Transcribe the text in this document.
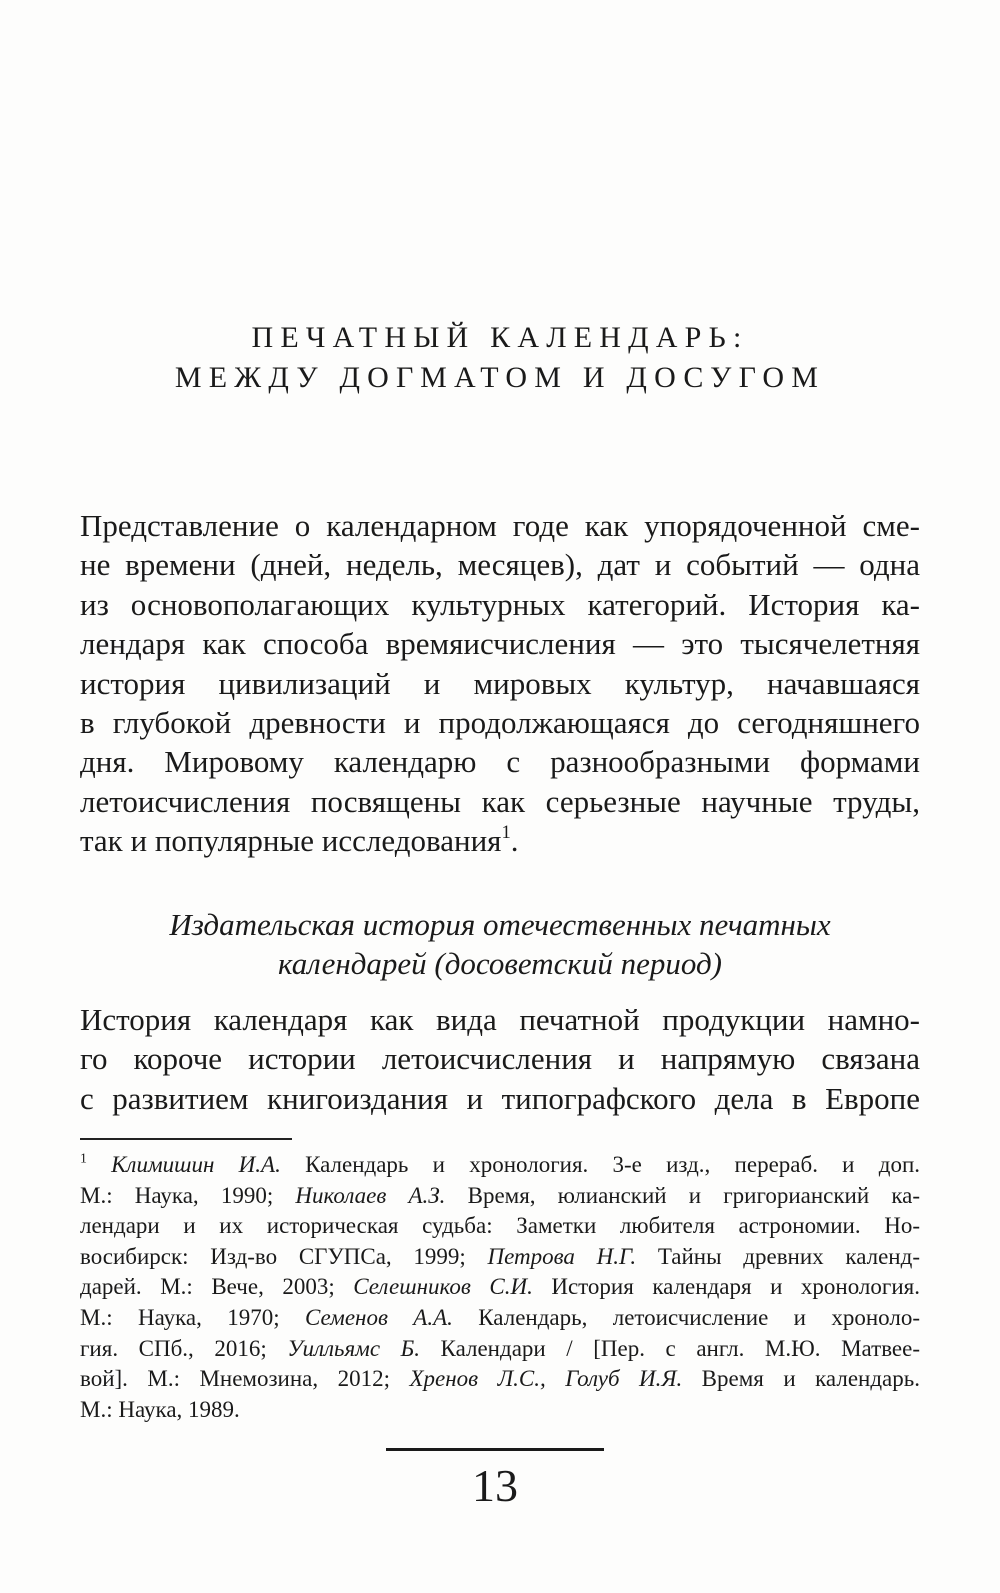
ПЕЧАТНЫЙ КАЛЕНДАРЬ:
МЕЖДУ ДОГМАТОМ И ДОСУГОМ

Представление о календарном годе как упорядоченной сме-
не времени (дней, недель, месяцев), дат и событий — одна
из основополагающих культурных категорий. История ка-
лендаря как способа времяисчисления — это тысячелетняя
история цивилизаций и мировых культур, начавшаяся
в глубокой древности и продолжающаяся до сегодняшнего
дня. Мировому календарю с разнообразными формами
летоисчисления посвящены как серьезные научные труды,
так и популярные исследования$^1$.

Издательская история отечественных печатных
календарей (досоветский период)

История календаря как вида печатной продукции намно-
го короче истории летоисчисления и напрямую связана
с развитием книгоиздания и типографского дела в Европе

$^1$ Климишин И.А. Календарь и хронология. 3-е изд., перераб. и доп.
М.: Наука, 1990; Николаев А.З. Время, юлианский и григорианский ка-
лендари и их историческая судьба: Заметки любителя астрономии. Но-
восибирск: Изд-во СГУПСа, 1999; Петрова Н.Г. Тайны древних календ-
дарей. М.: Вече, 2003; Селешников С.И. История календаря и хронология.
М.: Наука, 1970; Семенов А.А. Календарь, летоисчисление и хроноло-
гия. СПб., 2016; Уилльямс Б. Календари / [Пер. с англ. М.Ю. Матвее-
вой]. М.: Мнемозина, 2012; Хренов Л.С., Голуб И.Я. Время и календарь.
М.: Наука, 1989.

13
